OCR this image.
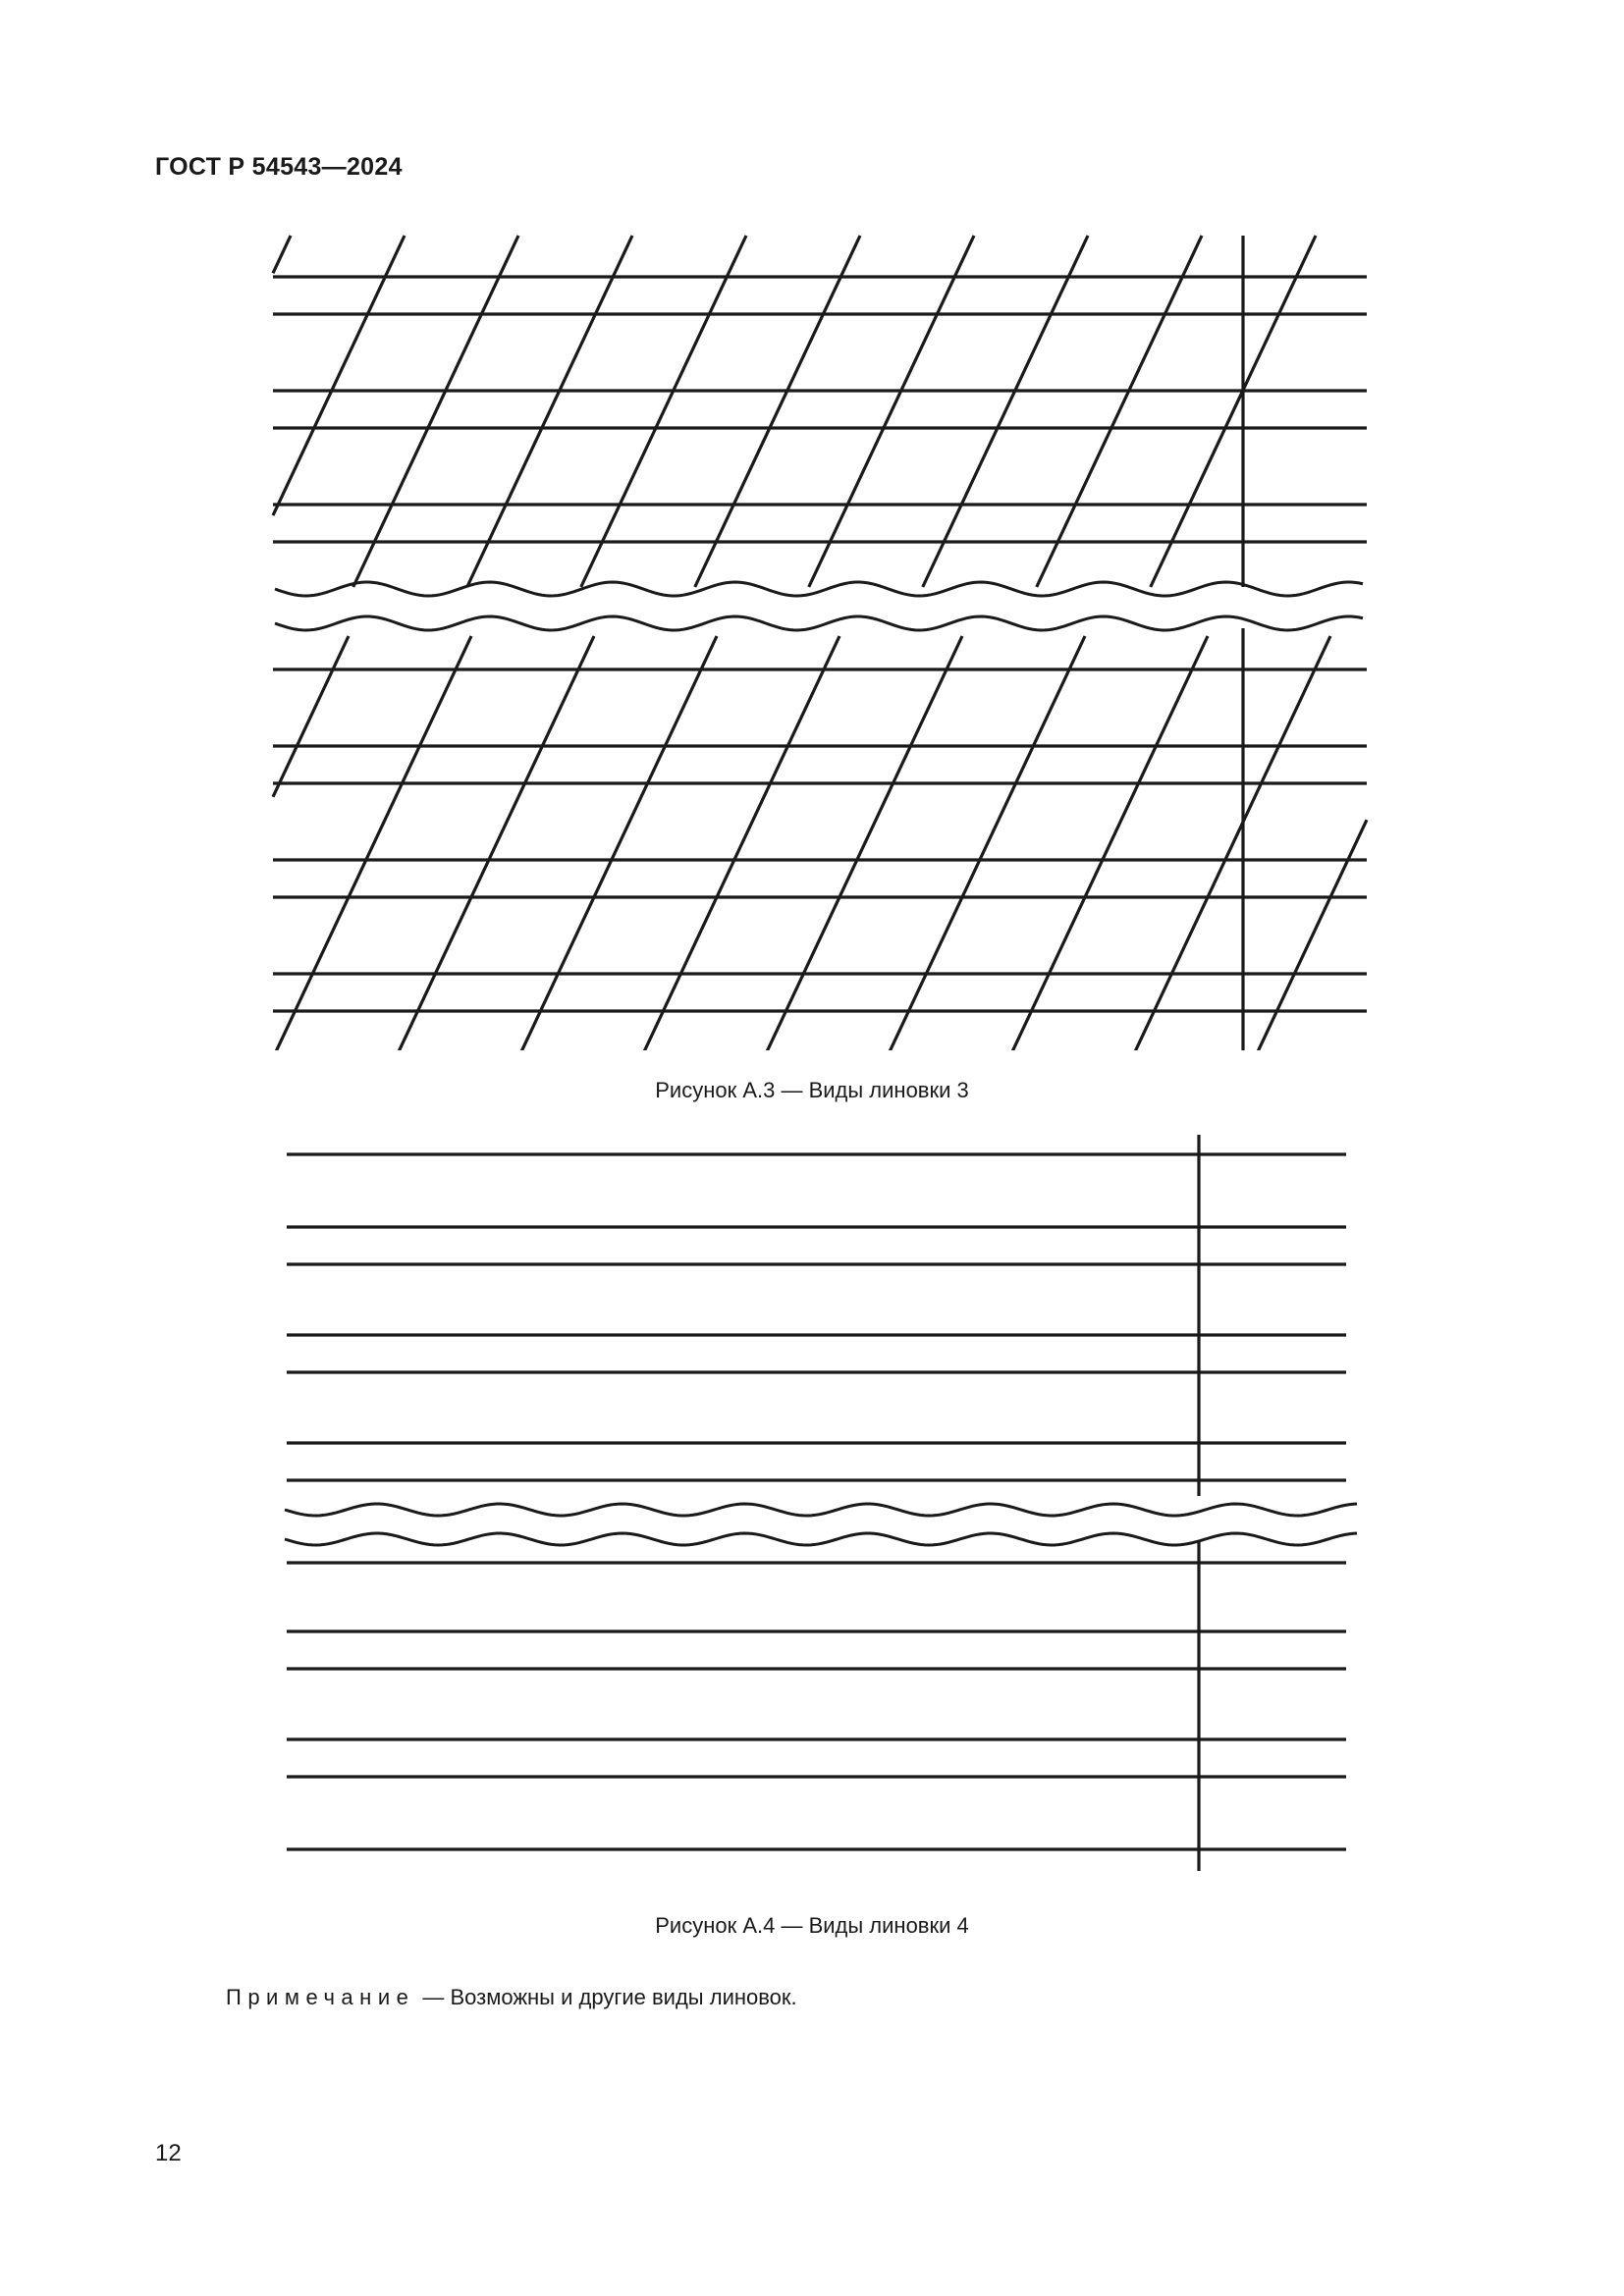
ГОСТ Р 54543—2024
Рисунок А.3 — Виды линовки 3
Рисунок А.4 — Виды линовки 4
Примечание — Возможны и другие виды линовок.
12
